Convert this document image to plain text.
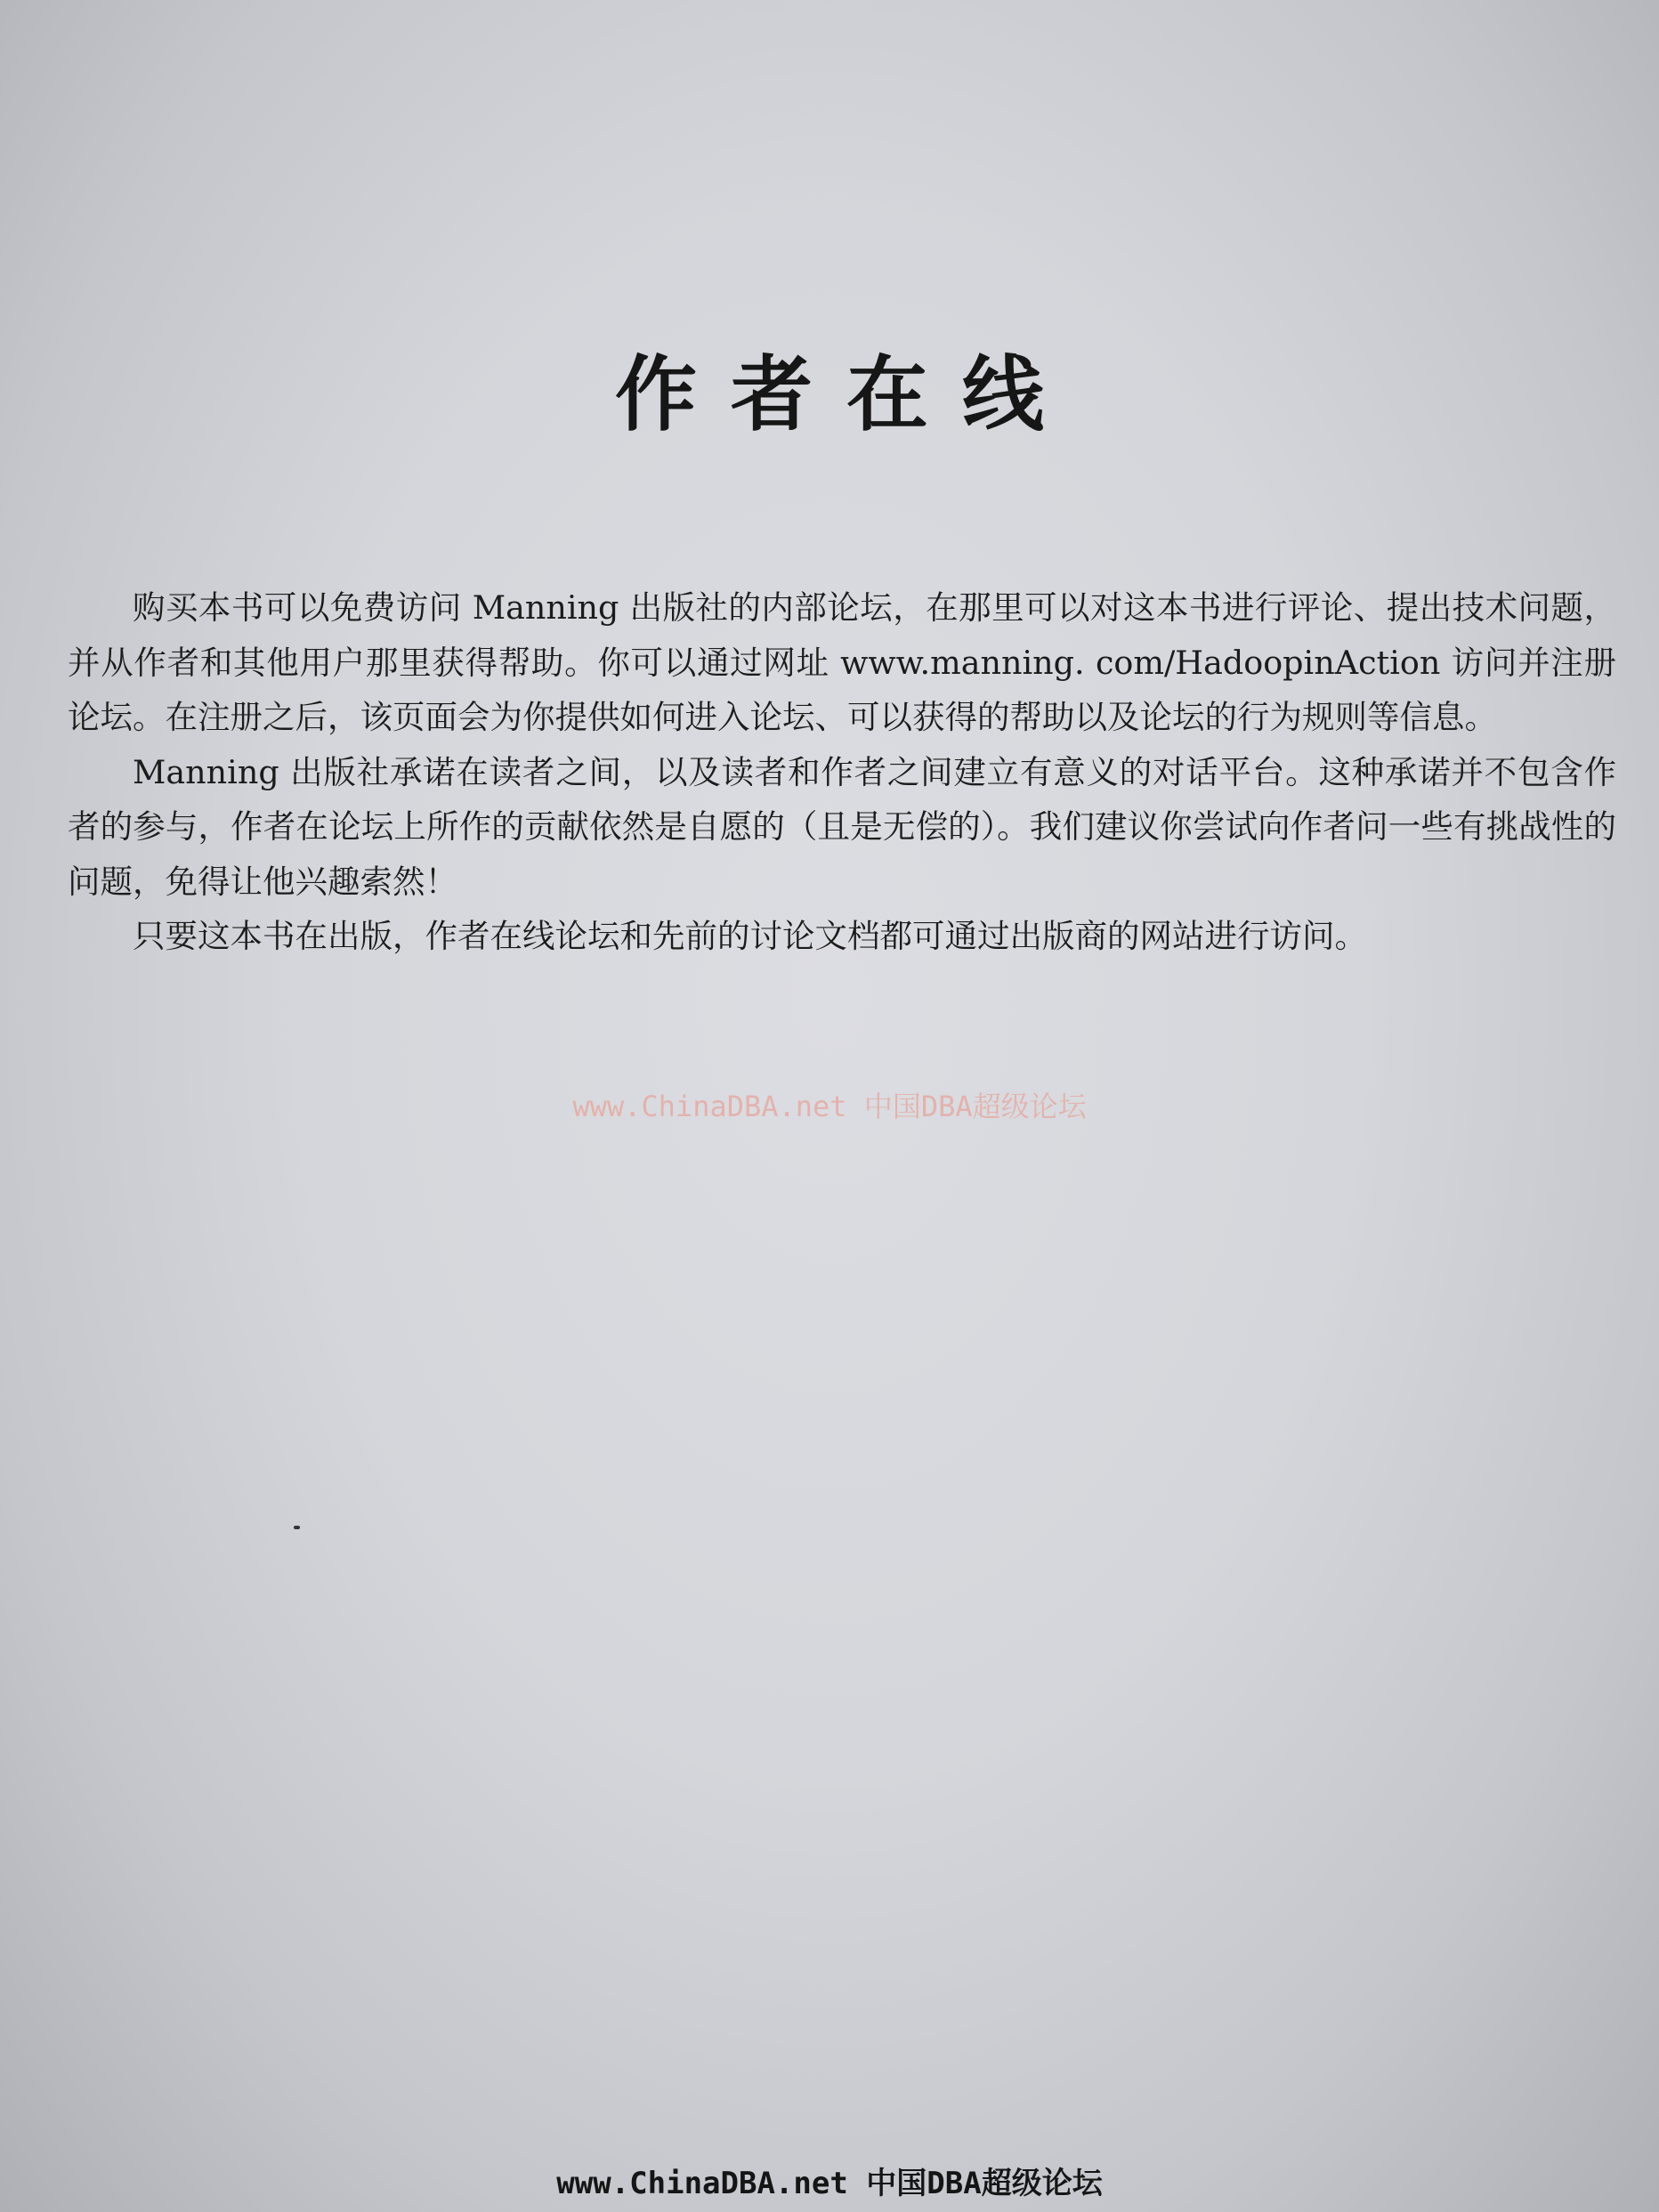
作者在线

购买本书可以免费访问 Manning 出版社的内部论坛，在那里可以对这本书进行评论、提出技术问题，并从作者和其他用户那里获得帮助。你可以通过网址 www.manning. com/HadoopinAction 访问并注册论坛。在注册之后，该页面会为你提供如何进入论坛、可以获得的帮助以及论坛的行为规则等信息。

Manning 出版社承诺在读者之间，以及读者和作者之间建立有意义的对话平台。这种承诺并不包含作者的参与，作者在论坛上所作的贡献依然是自愿的（且是无偿的）。我们建议你尝试向作者问一些有挑战性的问题，免得让他兴趣索然！

只要这本书在出版，作者在线论坛和先前的讨论文档都可通过出版商的网站进行访问。

www.ChinaDBA.net 中国DBA超级论坛
www.ChinaDBA.net 中国DBA超级论坛
